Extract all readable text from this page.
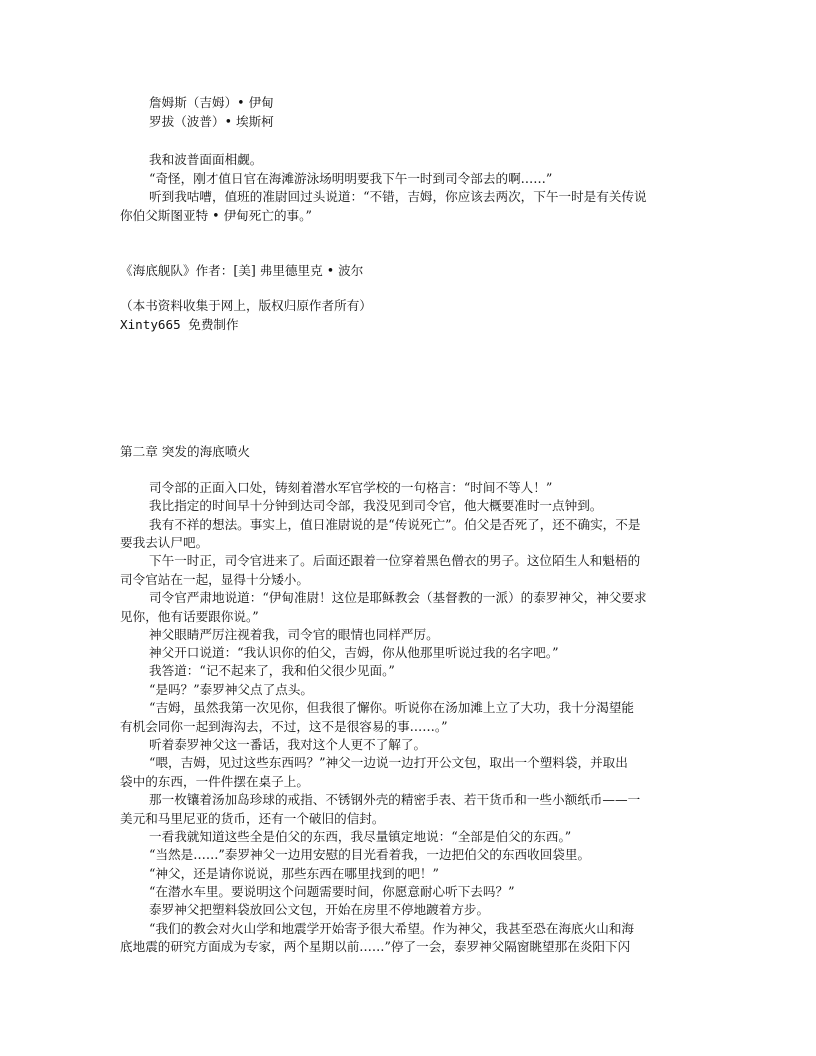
詹姆斯（吉姆）• 伊甸
罗拔（波普）• 埃斯柯
我和波普面面相觑。
“奇怪，刚才值日官在海滩游泳场明明要我下午一时到司令部去的啊……”
听到我咕嘈，值班的准尉回过头说道：“不错，吉姆，你应该去两次，下午一时是有关传说
你伯父斯图亚特 • 伊甸死亡的事。”
《海底舰队》作者：[美] 弗里德里克 • 波尔
（本书资料收集于网上，版权归原作者所有）
Xinty665 免费制作
第二章 突发的海底喷火
司令部的正面入口处，铸刻着潜水军官学校的一句格言：“时间不等人！”
我比指定的时间早十分钟到达司令部，我没见到司令官，他大概要准时一点钟到。
我有不祥的想法。事实上，值日准尉说的是“传说死亡”。伯父是否死了，还不确实，不是
要我去认尸吧。
下午一时正，司令官进来了。后面还跟着一位穿着黑色僧衣的男子。这位陌生人和魁梧的
司令官站在一起，显得十分矮小。
司令官严肃地说道：“伊甸准尉！这位是耶稣教会（基督教的一派）的泰罗神父，神父要求
见你，他有话要跟你说。”
神父眼睛严厉注视着我，司令官的眼情也同样严厉。
神父开口说道：“我认识你的伯父，吉姆，你从他那里听说过我的名字吧。”
我答道：“记不起来了，我和伯父很少见面。”
“是吗？”泰罗神父点了点头。
“吉姆，虽然我第一次见你，但我很了懈你。听说你在汤加滩上立了大功，我十分渴望能
有机会同你一起到海沟去，不过，这不是很容易的事……。”
听着泰罗神父这一番话，我对这个人更不了解了。
“喂，吉姆，见过这些东西吗？”神父一边说一边打开公文包，取出一个塑料袋，并取出
袋中的东西，一件件摆在桌子上。
那一枚镶着汤加岛珍球的戒指、不锈钢外壳的精密手表、若干货币和一些小额纸币——一
美元和马里尼亚的货币，还有一个破旧的信封。
一看我就知道这些全是伯父的东西，我尽量镇定地说：“全部是伯父的东西。”
“当然是……”泰罗神父一边用安慰的目光看着我，一边把伯父的东西收回袋里。
“神父，还是请你说说，那些东西在哪里找到的吧！”
“在潜水车里。要说明这个问题需要时间，你愿意耐心听下去吗？”
泰罗神父把塑料袋放回公文包，开始在房里不停地踱着方步。
“我们的教会对火山学和地震学开始寄予很大希望。作为神父，我甚至恐在海底火山和海
底地震的研究方面成为专家，两个星期以前……”停了一会，泰罗神父隔窗眺望那在炎阳下闪
